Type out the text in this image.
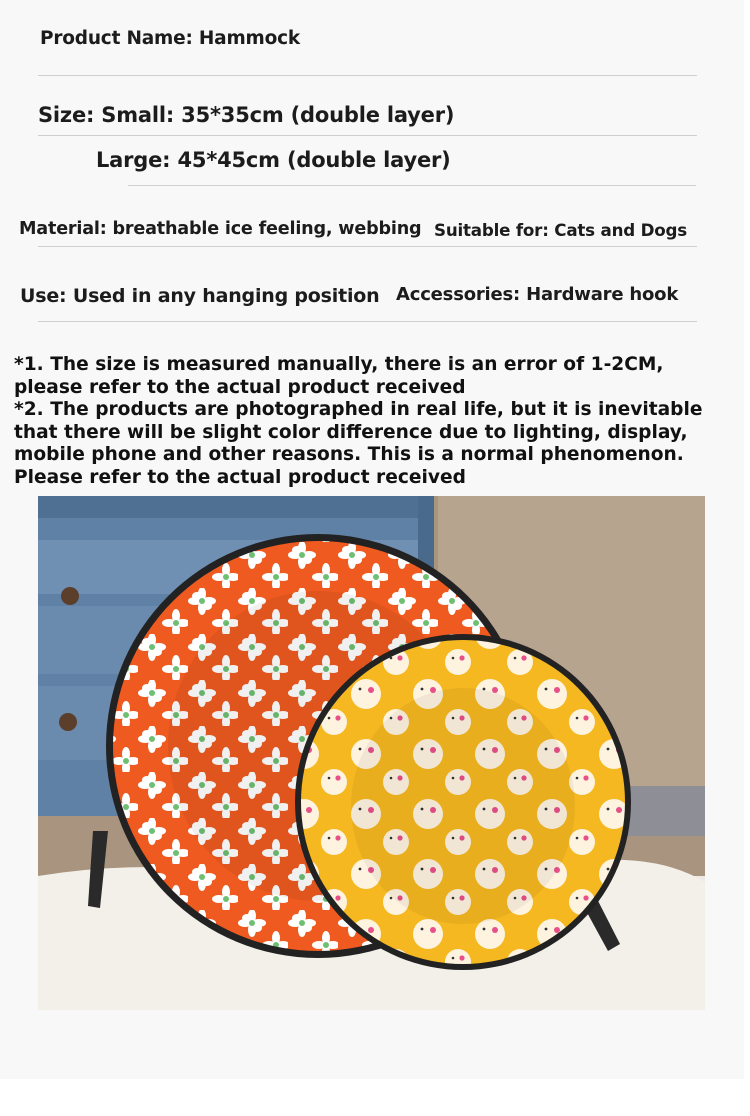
Product Name: Hammock
Size: Small: 35*35cm (double layer)
Large: 45*45cm (double layer)
Material: breathable ice feeling, webbing Suitable for: Cats and Dogs
Use: Used in any hanging position Accessories: Hardware hook

*1. The size is measured manually, there is an error of 1-2CM, please refer to the actual product received

*2. The products are photographed in real life, but it is inevitable that there will be slight color difference due to lighting, display, mobile phone and other reasons. This is a normal phenomenon. Please refer to the actual product received
